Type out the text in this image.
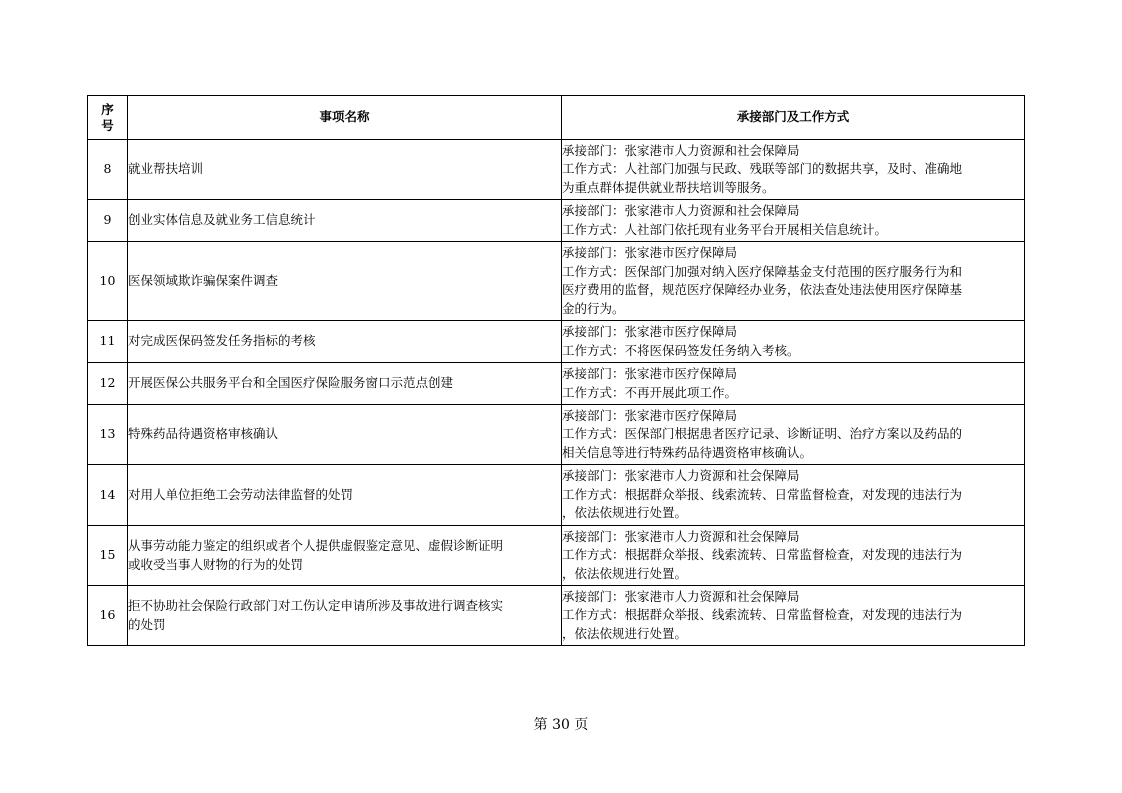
序
号	事项名称	承接部门及工作方式
8	就业帮扶培训	承接部门：张家港市人力资源和社会保障局
工作方式：人社部门加强与民政、残联等部门的数据共享，及时、准确地
为重点群体提供就业帮扶培训等服务。

9	创业实体信息及就业务工信息统计	承接部门：张家港市人力资源和社会保障局
工作方式：人社部门依托现有业务平台开展相关信息统计。

10	医保领域欺诈骗保案件调查	承接部门：张家港市医疗保障局
工作方式：医保部门加强对纳入医疗保障基金支付范围的医疗服务行为和
医疗费用的监督，规范医疗保障经办业务，依法查处违法使用医疗保障基
金的行为。

11	对完成医保码签发任务指标的考核	承接部门：张家港市医疗保障局
工作方式：不将医保码签发任务纳入考核。

12	开展医保公共服务平台和全国医疗保险服务窗口示范点创建	承接部门：张家港市医疗保障局
工作方式：不再开展此项工作。

13	特殊药品待遇资格审核确认	承接部门：张家港市医疗保障局
工作方式：医保部门根据患者医疗记录、诊断证明、治疗方案以及药品的
相关信息等进行特殊药品待遇资格审核确认。

14	对用人单位拒绝工会劳动法律监督的处罚	承接部门：张家港市人力资源和社会保障局
工作方式：根据群众举报、线索流转、日常监督检查，对发现的违法行为
，依法依规进行处置。

15	从事劳动能力鉴定的组织或者个人提供虚假鉴定意见、虚假诊断证明
或收受当事人财物的行为的处罚	承接部门：张家港市人力资源和社会保障局
工作方式：根据群众举报、线索流转、日常监督检查，对发现的违法行为
，依法依规进行处置。

16	拒不协助社会保险行政部门对工伤认定申请所涉及事故进行调查核实
的处罚	承接部门：张家港市人力资源和社会保障局
工作方式：根据群众举报、线索流转、日常监督检查，对发现的违法行为
，依法依规进行处置。
第 30 页
